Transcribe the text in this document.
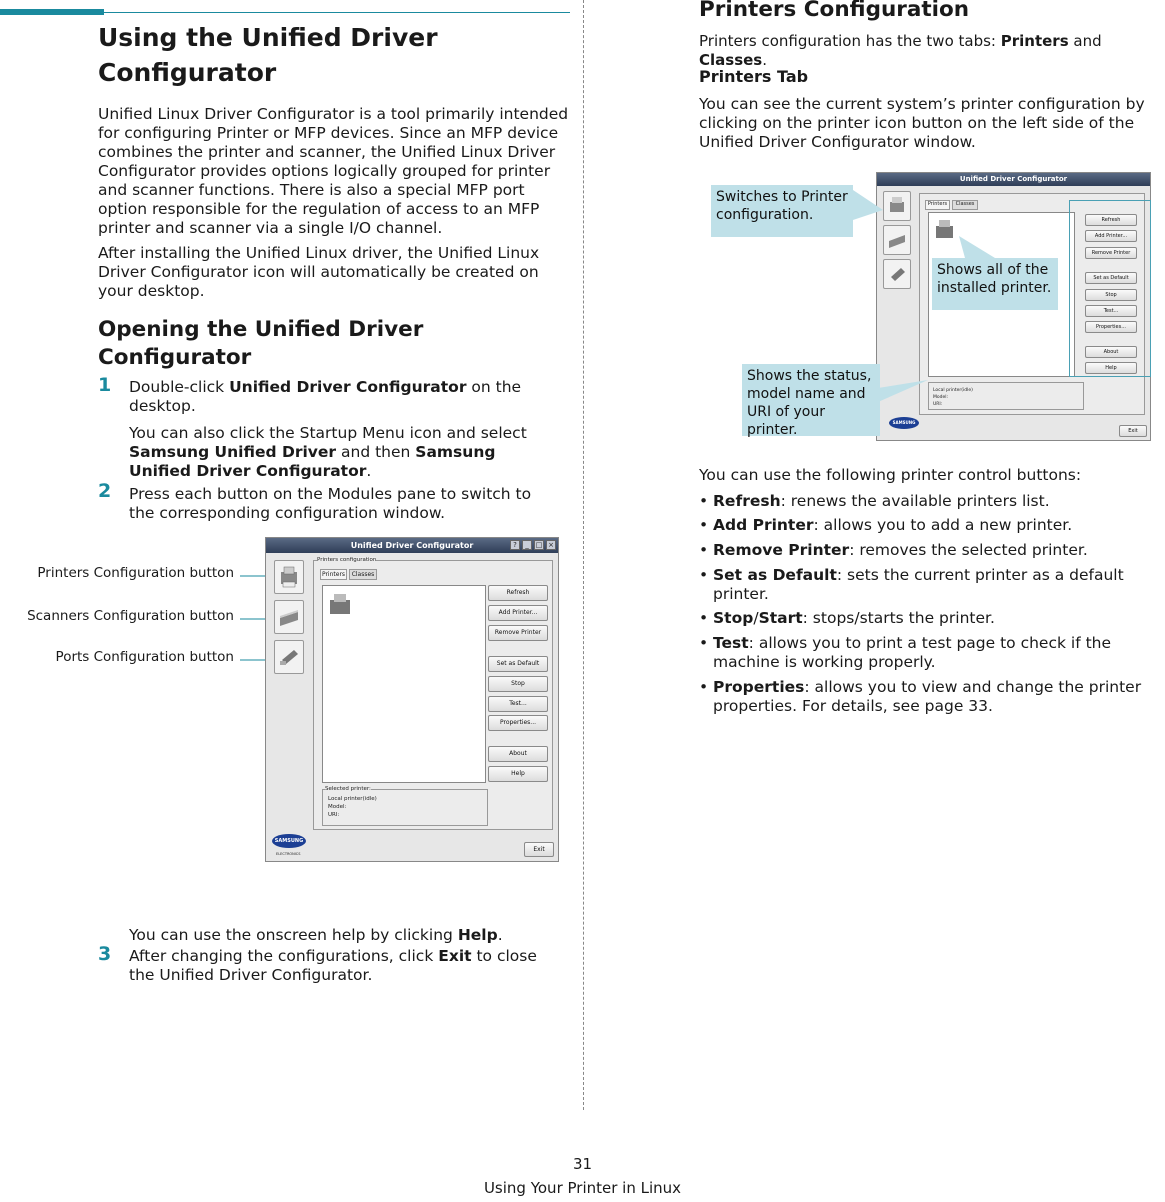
Using the Unified Driver Configurator

Unified Linux Driver Configurator is a tool primarily intended for configuring Printer or MFP devices. Since an MFP device combines the printer and scanner, the Unified Linux Driver Configurator provides options logically grouped for printer and scanner functions. There is also a special MFP port option responsible for the regulation of access to an MFP printer and scanner via a single I/O channel.

After installing the Unified Linux driver, the Unified Linux Driver Configurator icon will automatically be created on your desktop.

Opening the Unified Driver Configurator
1 Double-click Unified Driver Configurator on the desktop.

You can also click the Startup Menu icon and select Samsung Unified Driver and then Samsung Unified Driver Configurator.

2 Press each button on the Modules pane to switch to the corresponding configuration window.

Printers Configuration button
Scanners Configuration button
Ports Configuration button
Unified Driver Configurator	?	_ □ ×
Printers configuration
Printers	Classes
Refresh
Add Printer...
Remove Printer
Set as Default
Stop
Test...
Properties...
About
Help
Selected printer:
Local printer(idle)
Model:
URI:
SAMSUNG
ELECTRONICS
Exit

You can use the onscreen help by clicking Help.

3 After changing the configurations, click Exit to close the Unified Driver Configurator.

Printers Configuration

Printers configuration has the two tabs: Printers and Classes.

Printers Tab

You can see the current system’s printer configuration by clicking on the printer icon button on the left side of the Unified Driver Configurator window.

Unified Driver Configurator
Printers	Classes
Refresh
Add Printer...
Remove Printer
Set as Default
Stop
Test...
Properties...
About
Help
Local printer(idle)
Model:
URI:
SAMSUNG
Exit
Switches to Printer configuration.
Shows all of the installed printer.
Shows the status, model name and URI of your printer.

You can use the following printer control buttons:

• Refresh: renews the available printers list.
• Add Printer: allows you to add a new printer.
• Remove Printer: removes the selected printer.
• Set as Default: sets the current printer as a default printer.
• Stop/Start: stops/starts the printer.
• Test: allows you to print a test page to check if the machine is working properly.
• Properties: allows you to view and change the printer properties. For details, see page 33.
31
Using Your Printer in Linux
